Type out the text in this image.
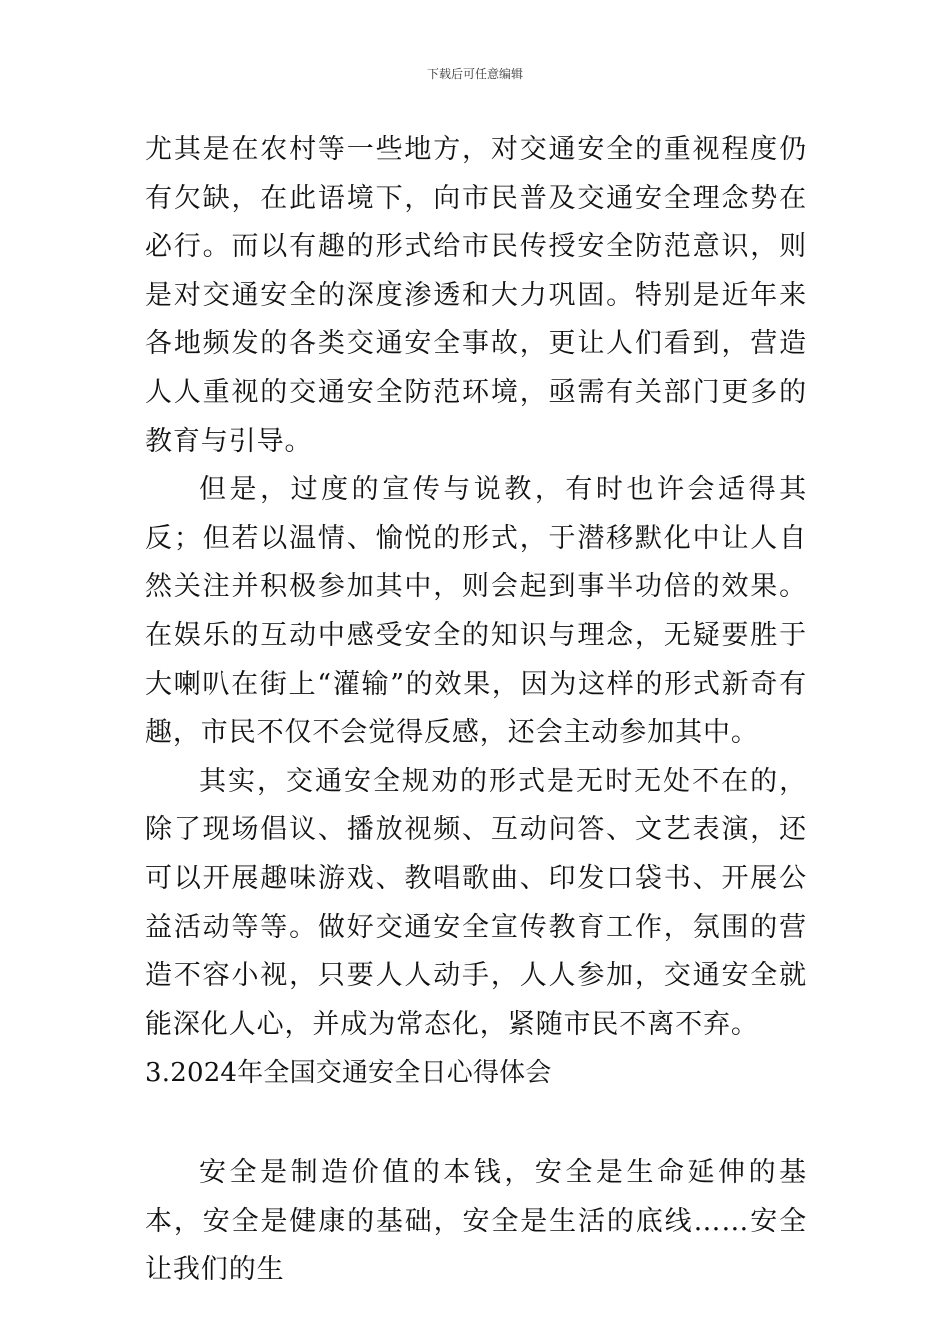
下载后可任意编辑

尤其是在农村等一些地方，对交通安全的重视程度仍有欠缺，在此语境下，向市民普及交通安全理念势在必行。而以有趣的形式给市民传授安全防范意识，则是对交通安全的深度渗透和大力巩固。特别是近年来各地频发的各类交通安全事故，更让人们看到，营造人人重视的交通安全防范环境，亟需有关部门更多的教育与引导。

但是，过度的宣传与说教，有时也许会适得其反；但若以温情、愉悦的形式，于潜移默化中让人自然关注并积极参加其中，则会起到事半功倍的效果。在娱乐的互动中感受安全的知识与理念，无疑要胜于大喇叭在街上“灌输”的效果，因为这样的形式新奇有趣，市民不仅不会觉得反感，还会主动参加其中。

其实，交通安全规劝的形式是无时无处不在的，除了现场倡议、播放视频、互动问答、文艺表演，还可以开展趣味游戏、教唱歌曲、印发口袋书、开展公益活动等等。做好交通安全宣传教育工作，氛围的营造不容小视，只要人人动手，人人参加，交通安全就能深化人心，并成为常态化，紧随市民不离不弃。

3.2024年全国交通安全日心得体会

安全是制造价值的本钱，安全是生命延伸的基本，安全是健康的基础，安全是生活的底线……安全让我们的生
